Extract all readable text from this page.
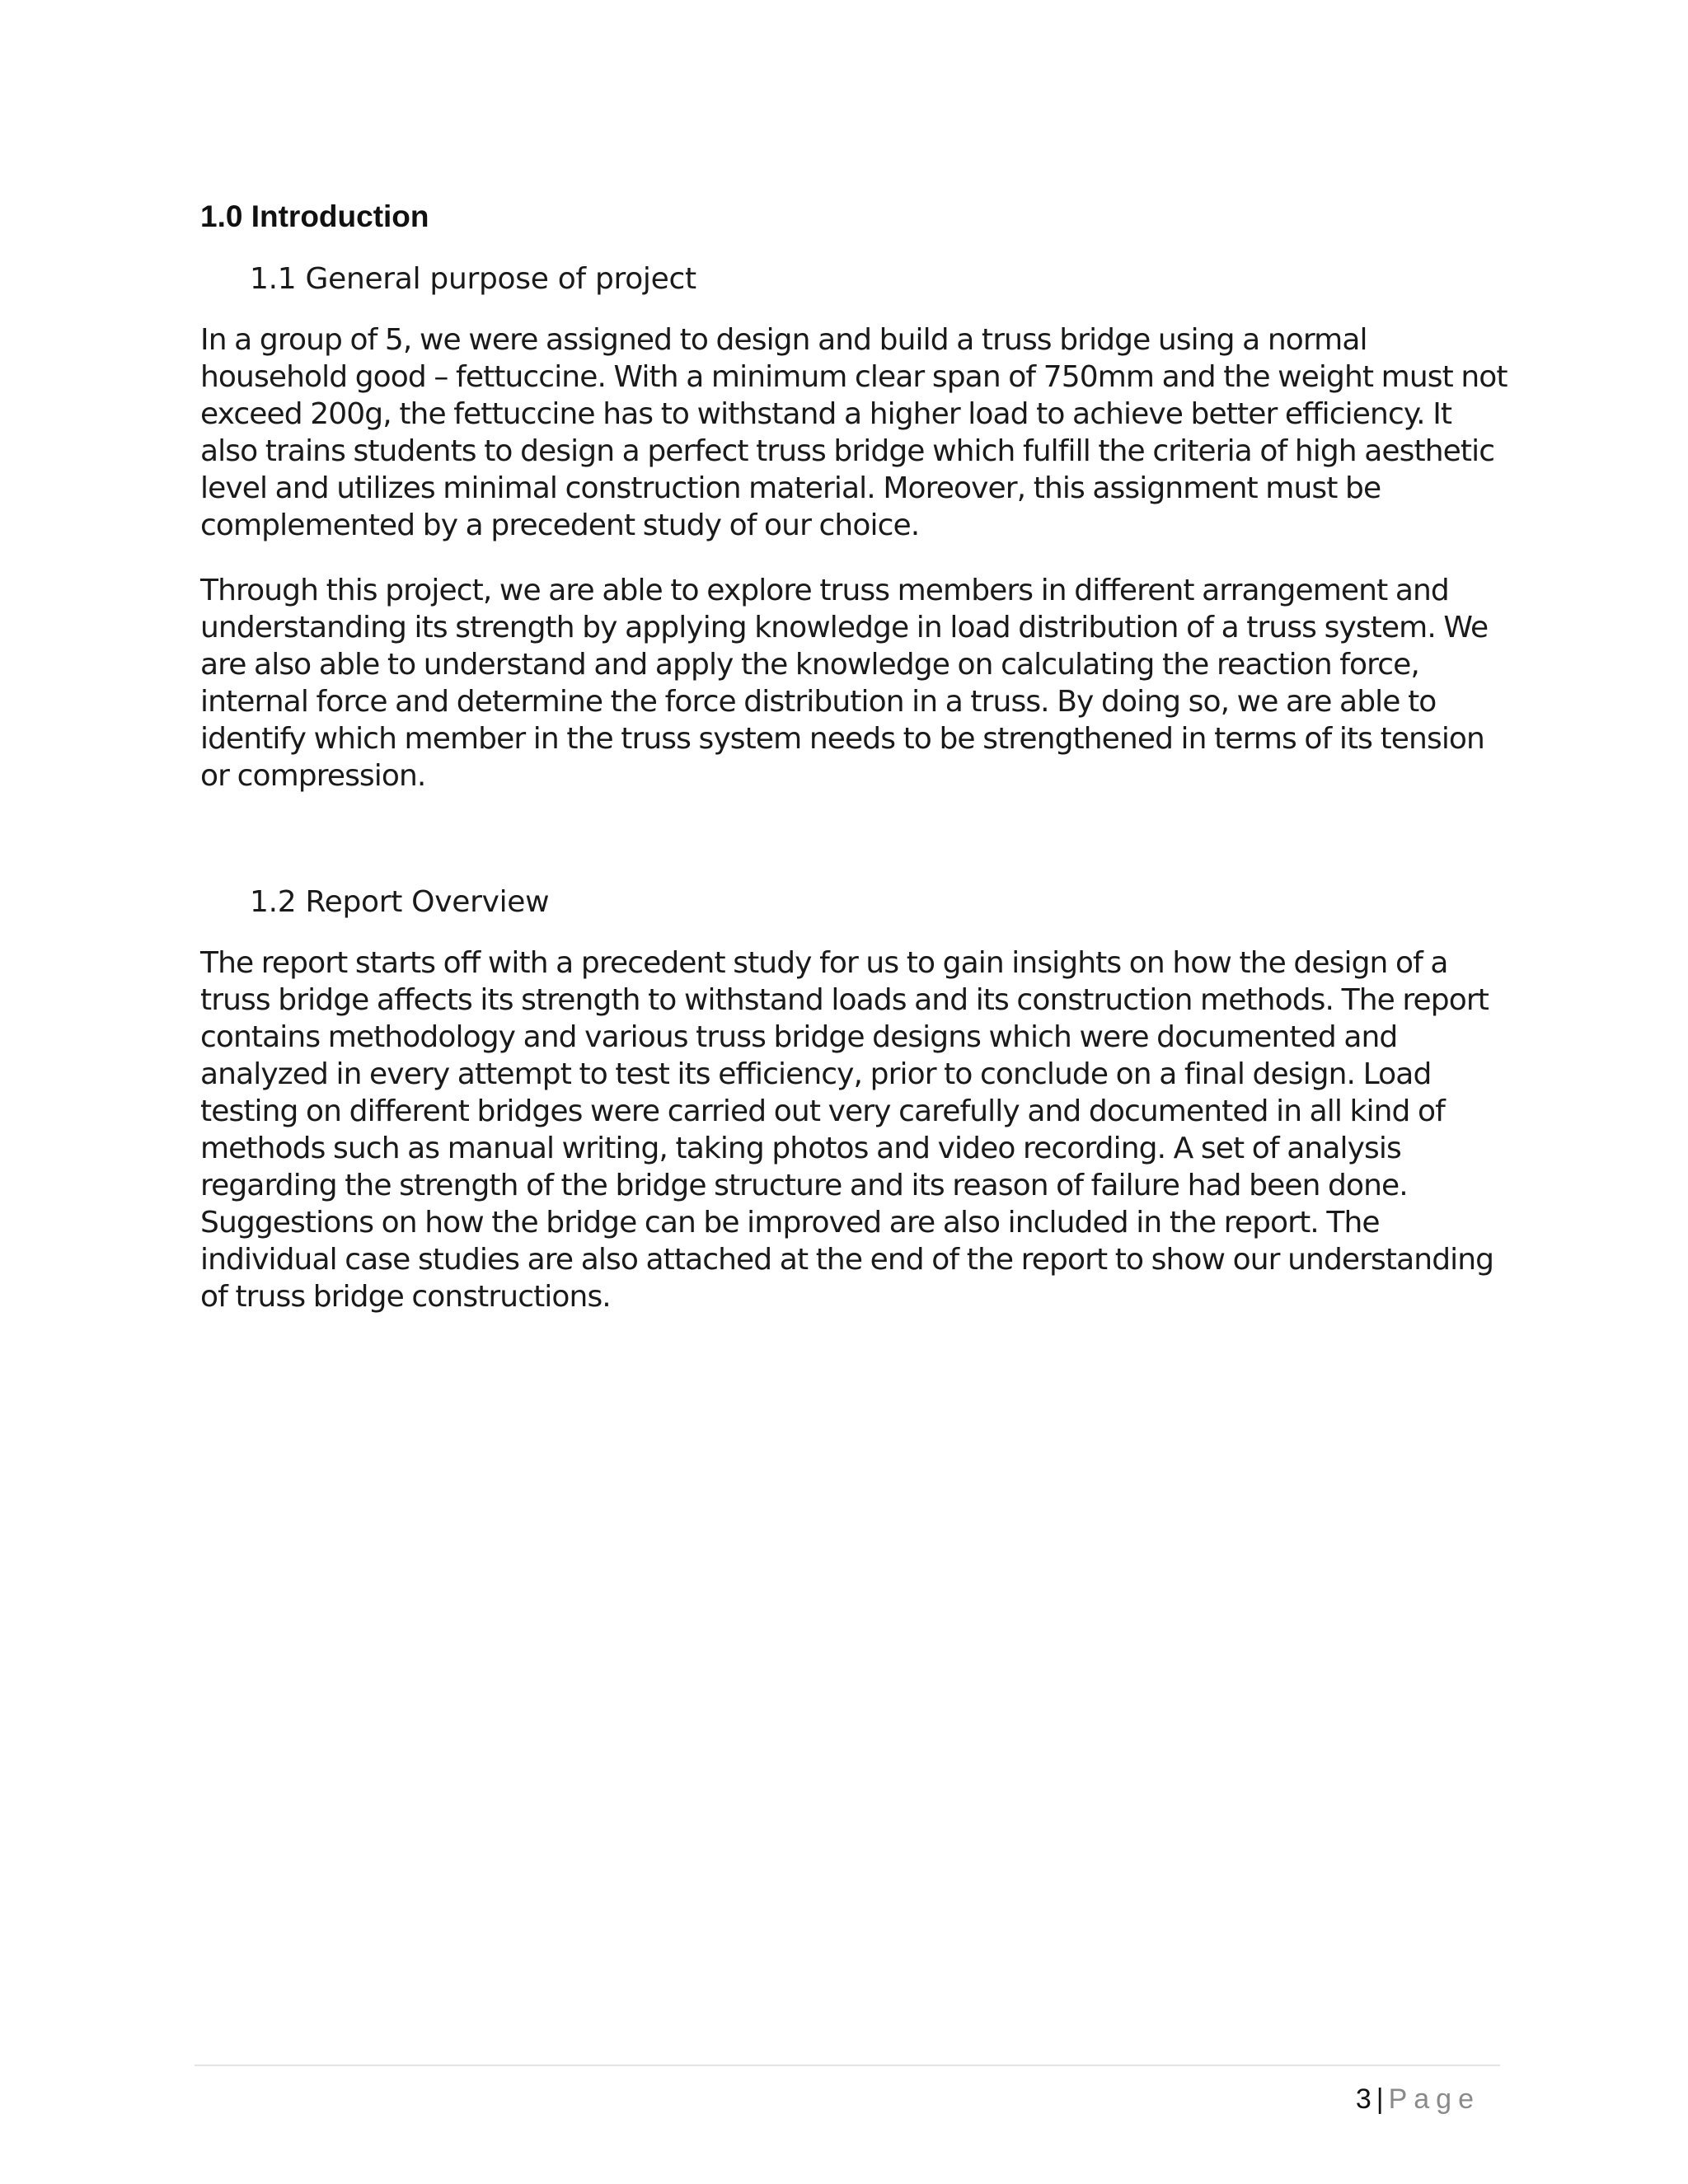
1.0 Introduction
1.1 General purpose of project

In a group of 5, we were assigned to design and build a truss bridge using a normal household good – fettuccine. With a minimum clear span of 750mm and the weight must not exceed 200g, the fettuccine has to withstand a higher load to achieve better efficiency. It also trains students to design a perfect truss bridge which fulfill the criteria of high aesthetic level and utilizes minimal construction material. Moreover, this assignment must be complemented by a precedent study of our choice.

Through this project, we are able to explore truss members in different arrangement and understanding its strength by applying knowledge in load distribution of a truss system. We are also able to understand and apply the knowledge on calculating the reaction force, internal force and determine the force distribution in a truss. By doing so, we are able to identify which member in the truss system needs to be strengthened in terms of its tension or compression.

1.2 Report Overview

The report starts off with a precedent study for us to gain insights on how the design of a truss bridge affects its strength to withstand loads and its construction methods. The report contains methodology and various truss bridge designs which were documented and analyzed in every attempt to test its efficiency, prior to conclude on a final design. Load testing on different bridges were carried out very carefully and documented in all kind of methods such as manual writing, taking photos and video recording. A set of analysis regarding the strength of the bridge structure and its reason of failure had been done. Suggestions on how the bridge can be improved are also included in the report. The individual case studies are also attached at the end of the report to show our understanding of truss bridge constructions.

3 | Page
